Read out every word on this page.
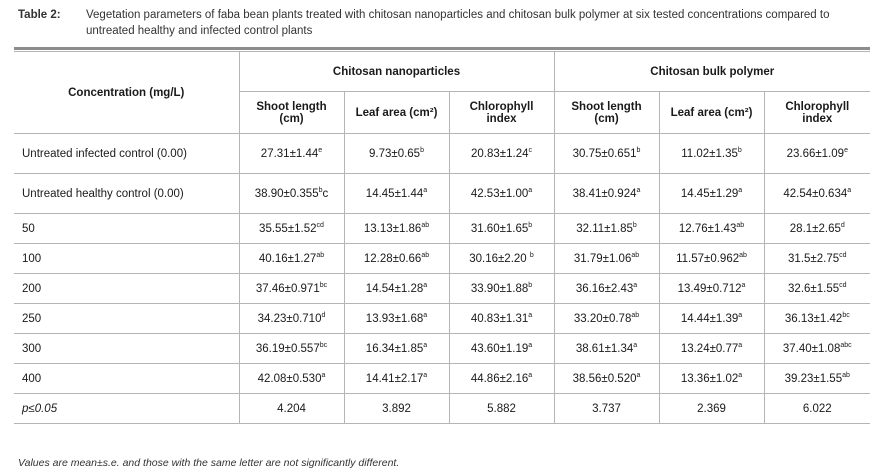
Table 2: Vegetation parameters of faba bean plants treated with chitosan nanoparticles and chitosan bulk polymer at six tested concentrations compared to untreated healthy and infected control plants
Concentration (mg/L)	Chitosan nanoparticles			Chitosan bulk polymer		
	Shoot length (cm)	Leaf area (cm²)	Chlorophyll index	Shoot length (cm)	Leaf area (cm²)	Chlorophyll index
Untreated infected control (0.00)	27.31±1.44$^e$	9.73±0.65$^b$	20.83±1.24$^c$	30.75±0.651$^b$	11.02±1.35$^b$	23.66±1.09$^e$
Untreated healthy control (0.00)	38.90±0.355$^b$c	14.45±1.44$^a$	42.53±1.00$^a$	38.41±0.924$^a$	14.45±1.29$^a$	42.54±0.634$^a$
50	35.55±1.52$^{cd}$	13.13±1.86$^{ab}$	31.60±1.65$^b$	32.11±1.85$^b$	12.76±1.43$^{ab}$	28.1±2.65$^d$
100	40.16±1.27$^{ab}$	12.28±0.66$^{ab}$	30.16±2.20 $^b$	31.79±1.06$^{ab}$	11.57±0.962$^{ab}$	31.5±2.75$^{cd}$
200	37.46±0.971$^{bc}$	14.54±1.28$^a$	33.90±1.88$^b$	36.16±2.43$^a$	13.49±0.712$^a$	32.6±1.55$^{cd}$
250	34.23±0.710$^d$	13.93±1.68$^a$	40.83±1.31$^a$	33.20±0.78$^{ab}$	14.44±1.39$^a$	36.13±1.42$^{bc}$
300	36.19±0.557$^{bc}$	16.34±1.85$^a$	43.60±1.19$^a$	38.61±1.34$^a$	13.24±0.77$^a$	37.40±1.08$^{abc}$
400	42.08±0.530$^a$	14.41±2.17$^a$	44.86±2.16$^a$	38.56±0.520$^a$	13.36±1.02$^a$	39.23±1.55$^{ab}$
p≤0.05	4.204	3.892	5.882	3.737	2.369	6.022
Values are mean±s.e. and those with the same letter are not significantly different.
